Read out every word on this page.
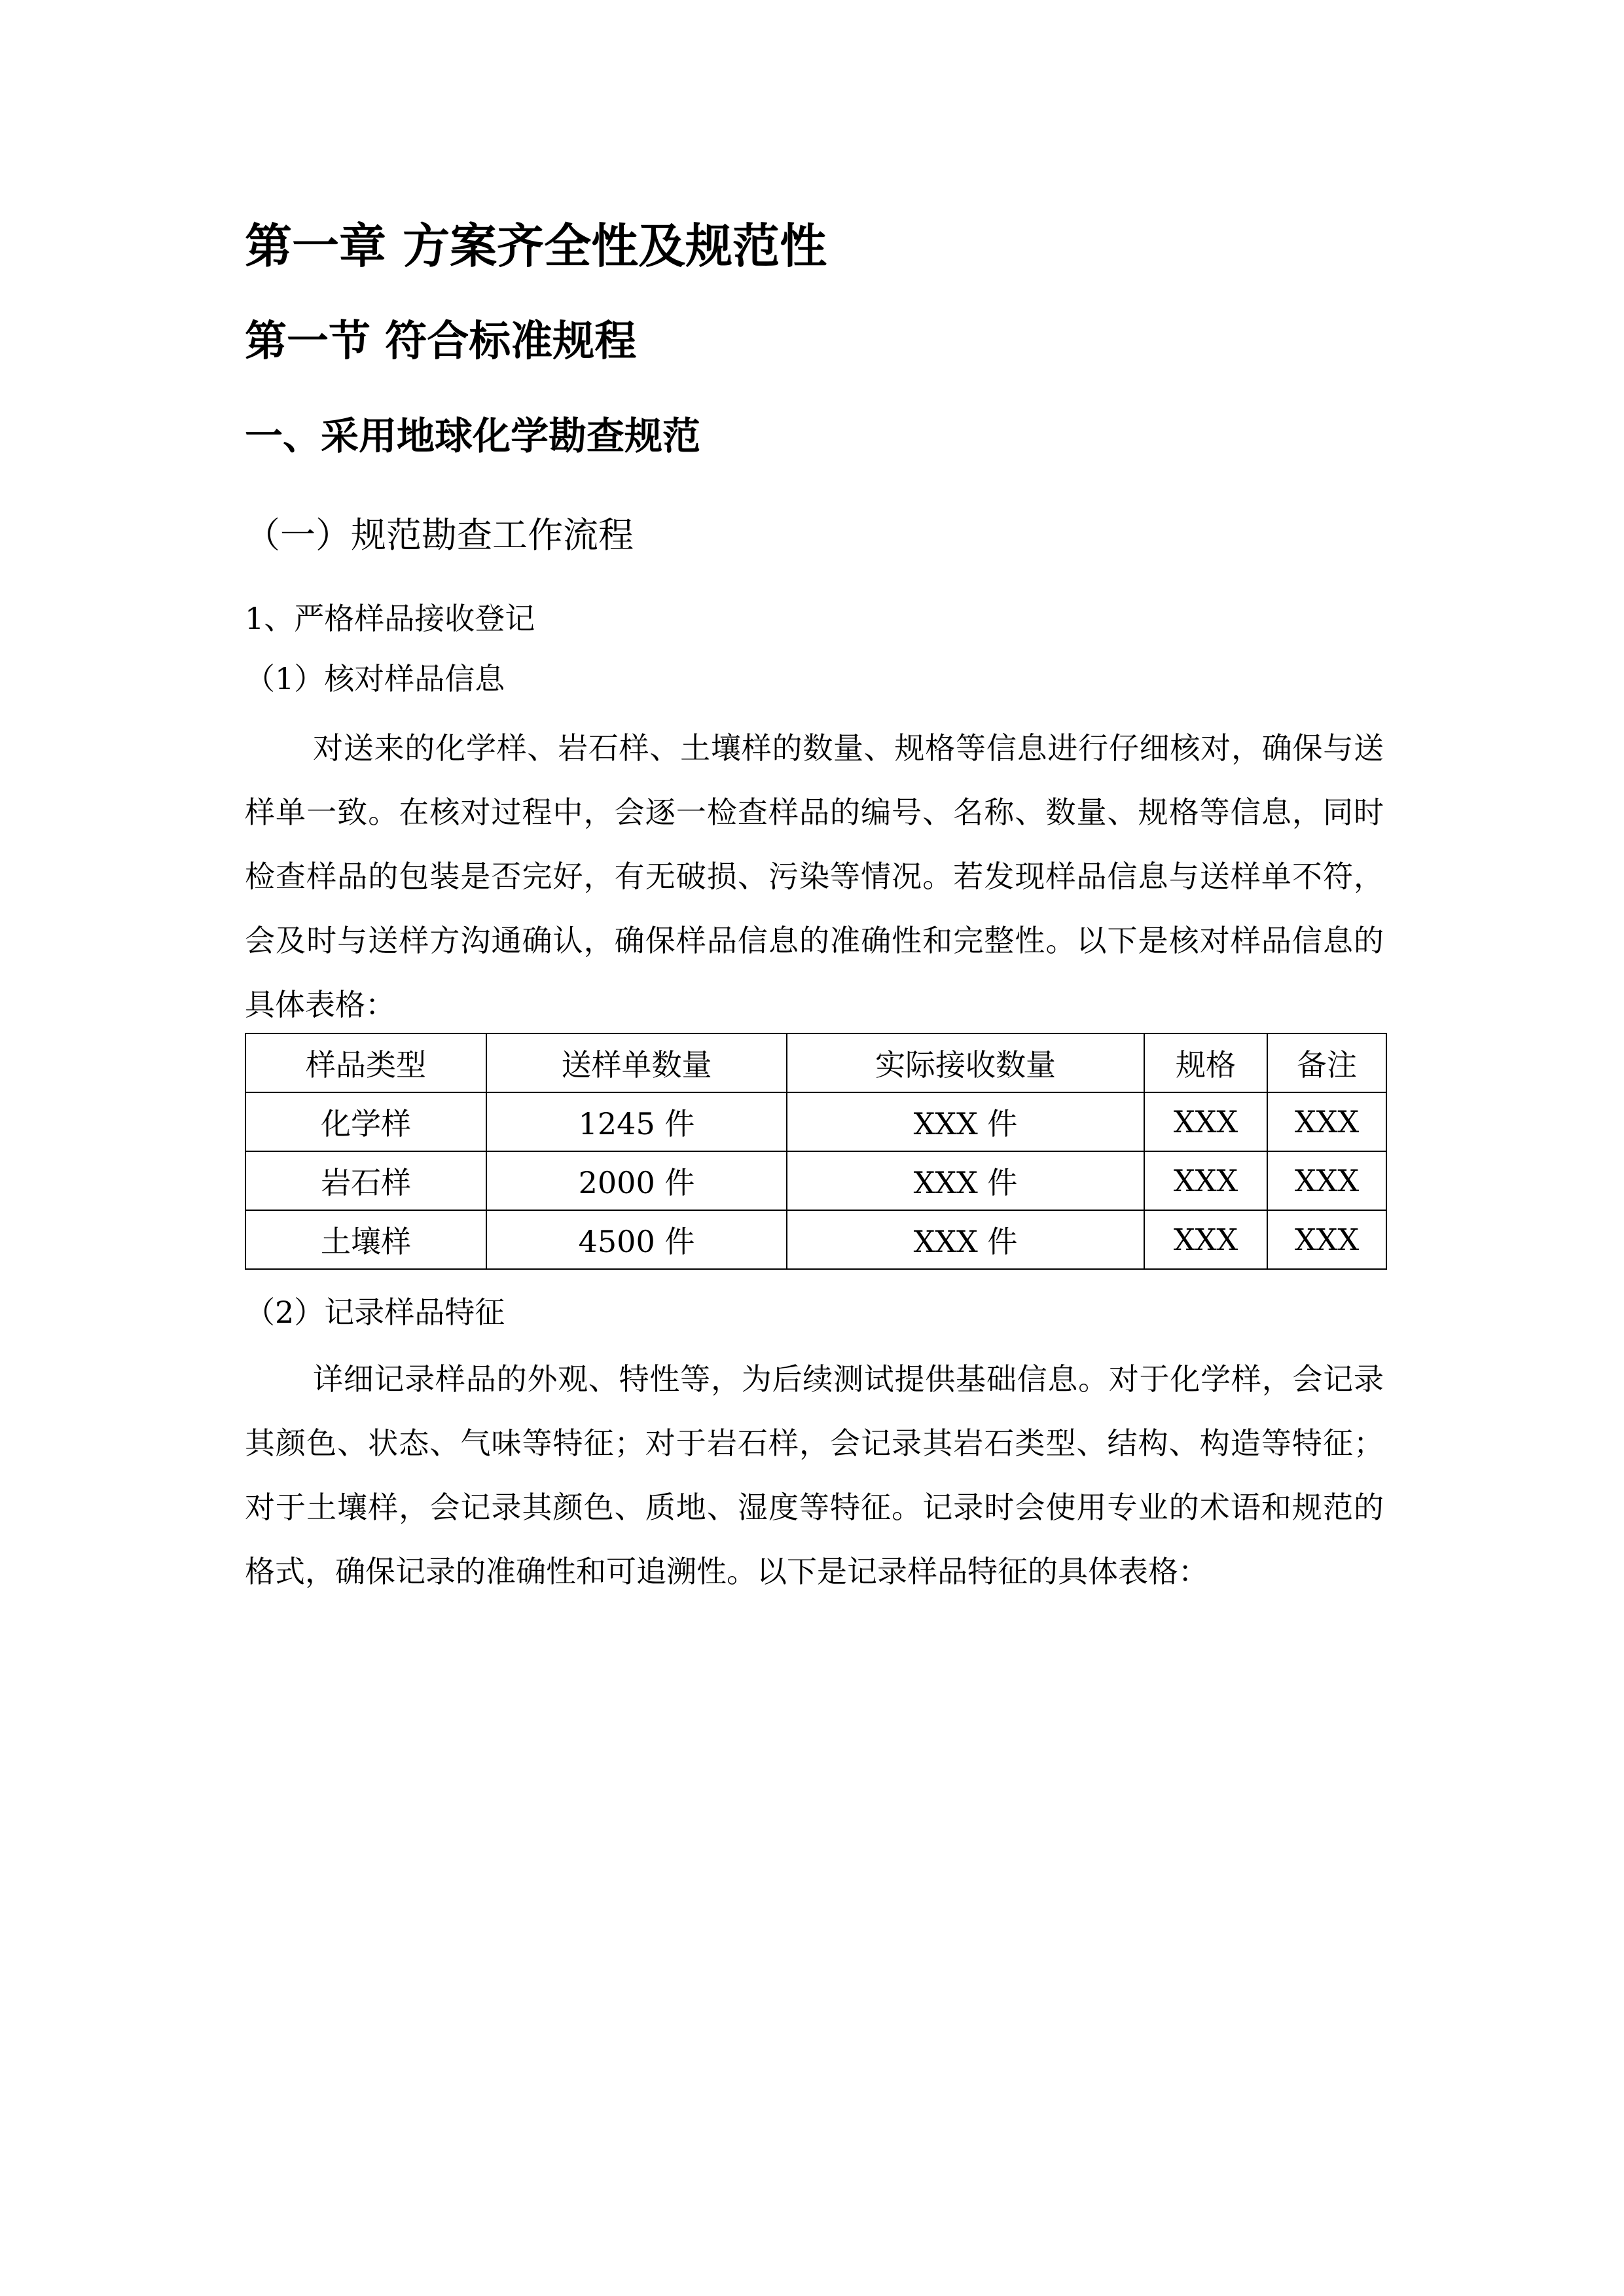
第一章 方案齐全性及规范性
第一节 符合标准规程
一、采用地球化学勘查规范
（一）规范勘查工作流程
1、严格样品接收登记
（1）核对样品信息

对送来的化学样、岩石样、土壤样的数量、规格等信息进行仔细核对，确保与送样单一致。在核对过程中，会逐一检查样品的编号、名称、数量、规格等信息，同时检查样品的包装是否完好，有无破损、污染等情况。若发现样品信息与送样单不符，会及时与送样方沟通确认，确保样品信息的准确性和完整性。以下是核对样品信息的具体表格：

样品类型	送样单数量	实际接收数量	规格	备注
化学样	1245 件	XXX 件	XXX	XXX
岩石样	2000 件	XXX 件	XXX	XXX
土壤样	4500 件	XXX 件	XXX	XXX
（2）记录样品特征

详细记录样品的外观、特性等，为后续测试提供基础信息。对于化学样，会记录其颜色、状态、气味等特征；对于岩石样，会记录其岩石类型、结构、构造等特征；对于土壤样，会记录其颜色、质地、湿度等特征。记录时会使用专业的术语和规范的格式，确保记录的准确性和可追溯性。以下是记录样品特征的具体表格：
